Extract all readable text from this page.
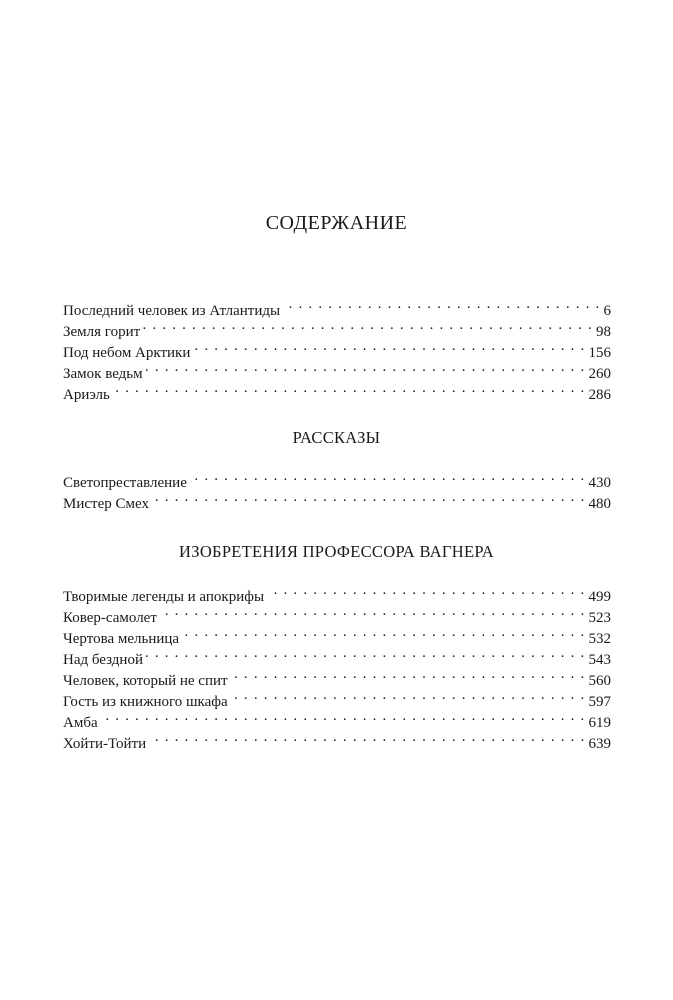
СОДЕРЖАНИЕ
Последний человек из Атлантиды . . .	6
Земля горит . . .	98
Под небом Арктики . . .	156
Замок ведьм . . .	260
Ариэль . . .	286
РАССКАЗЫ
Светопреставление . . .	430
Мистер Смех . . .	480
ИЗОБРЕТЕНИЯ ПРОФЕССОРА ВАГНЕРА
Творимые легенды и апокрифы . . .	499
Ковер-самолет . . .	523
Чертова мельница . . .	532
Над бездной . . .	543
Человек, который не спит . . .	560
Гость из книжного шкафа . . .	597
Амба . . .	619
Хойти-Тойти . . .	639
